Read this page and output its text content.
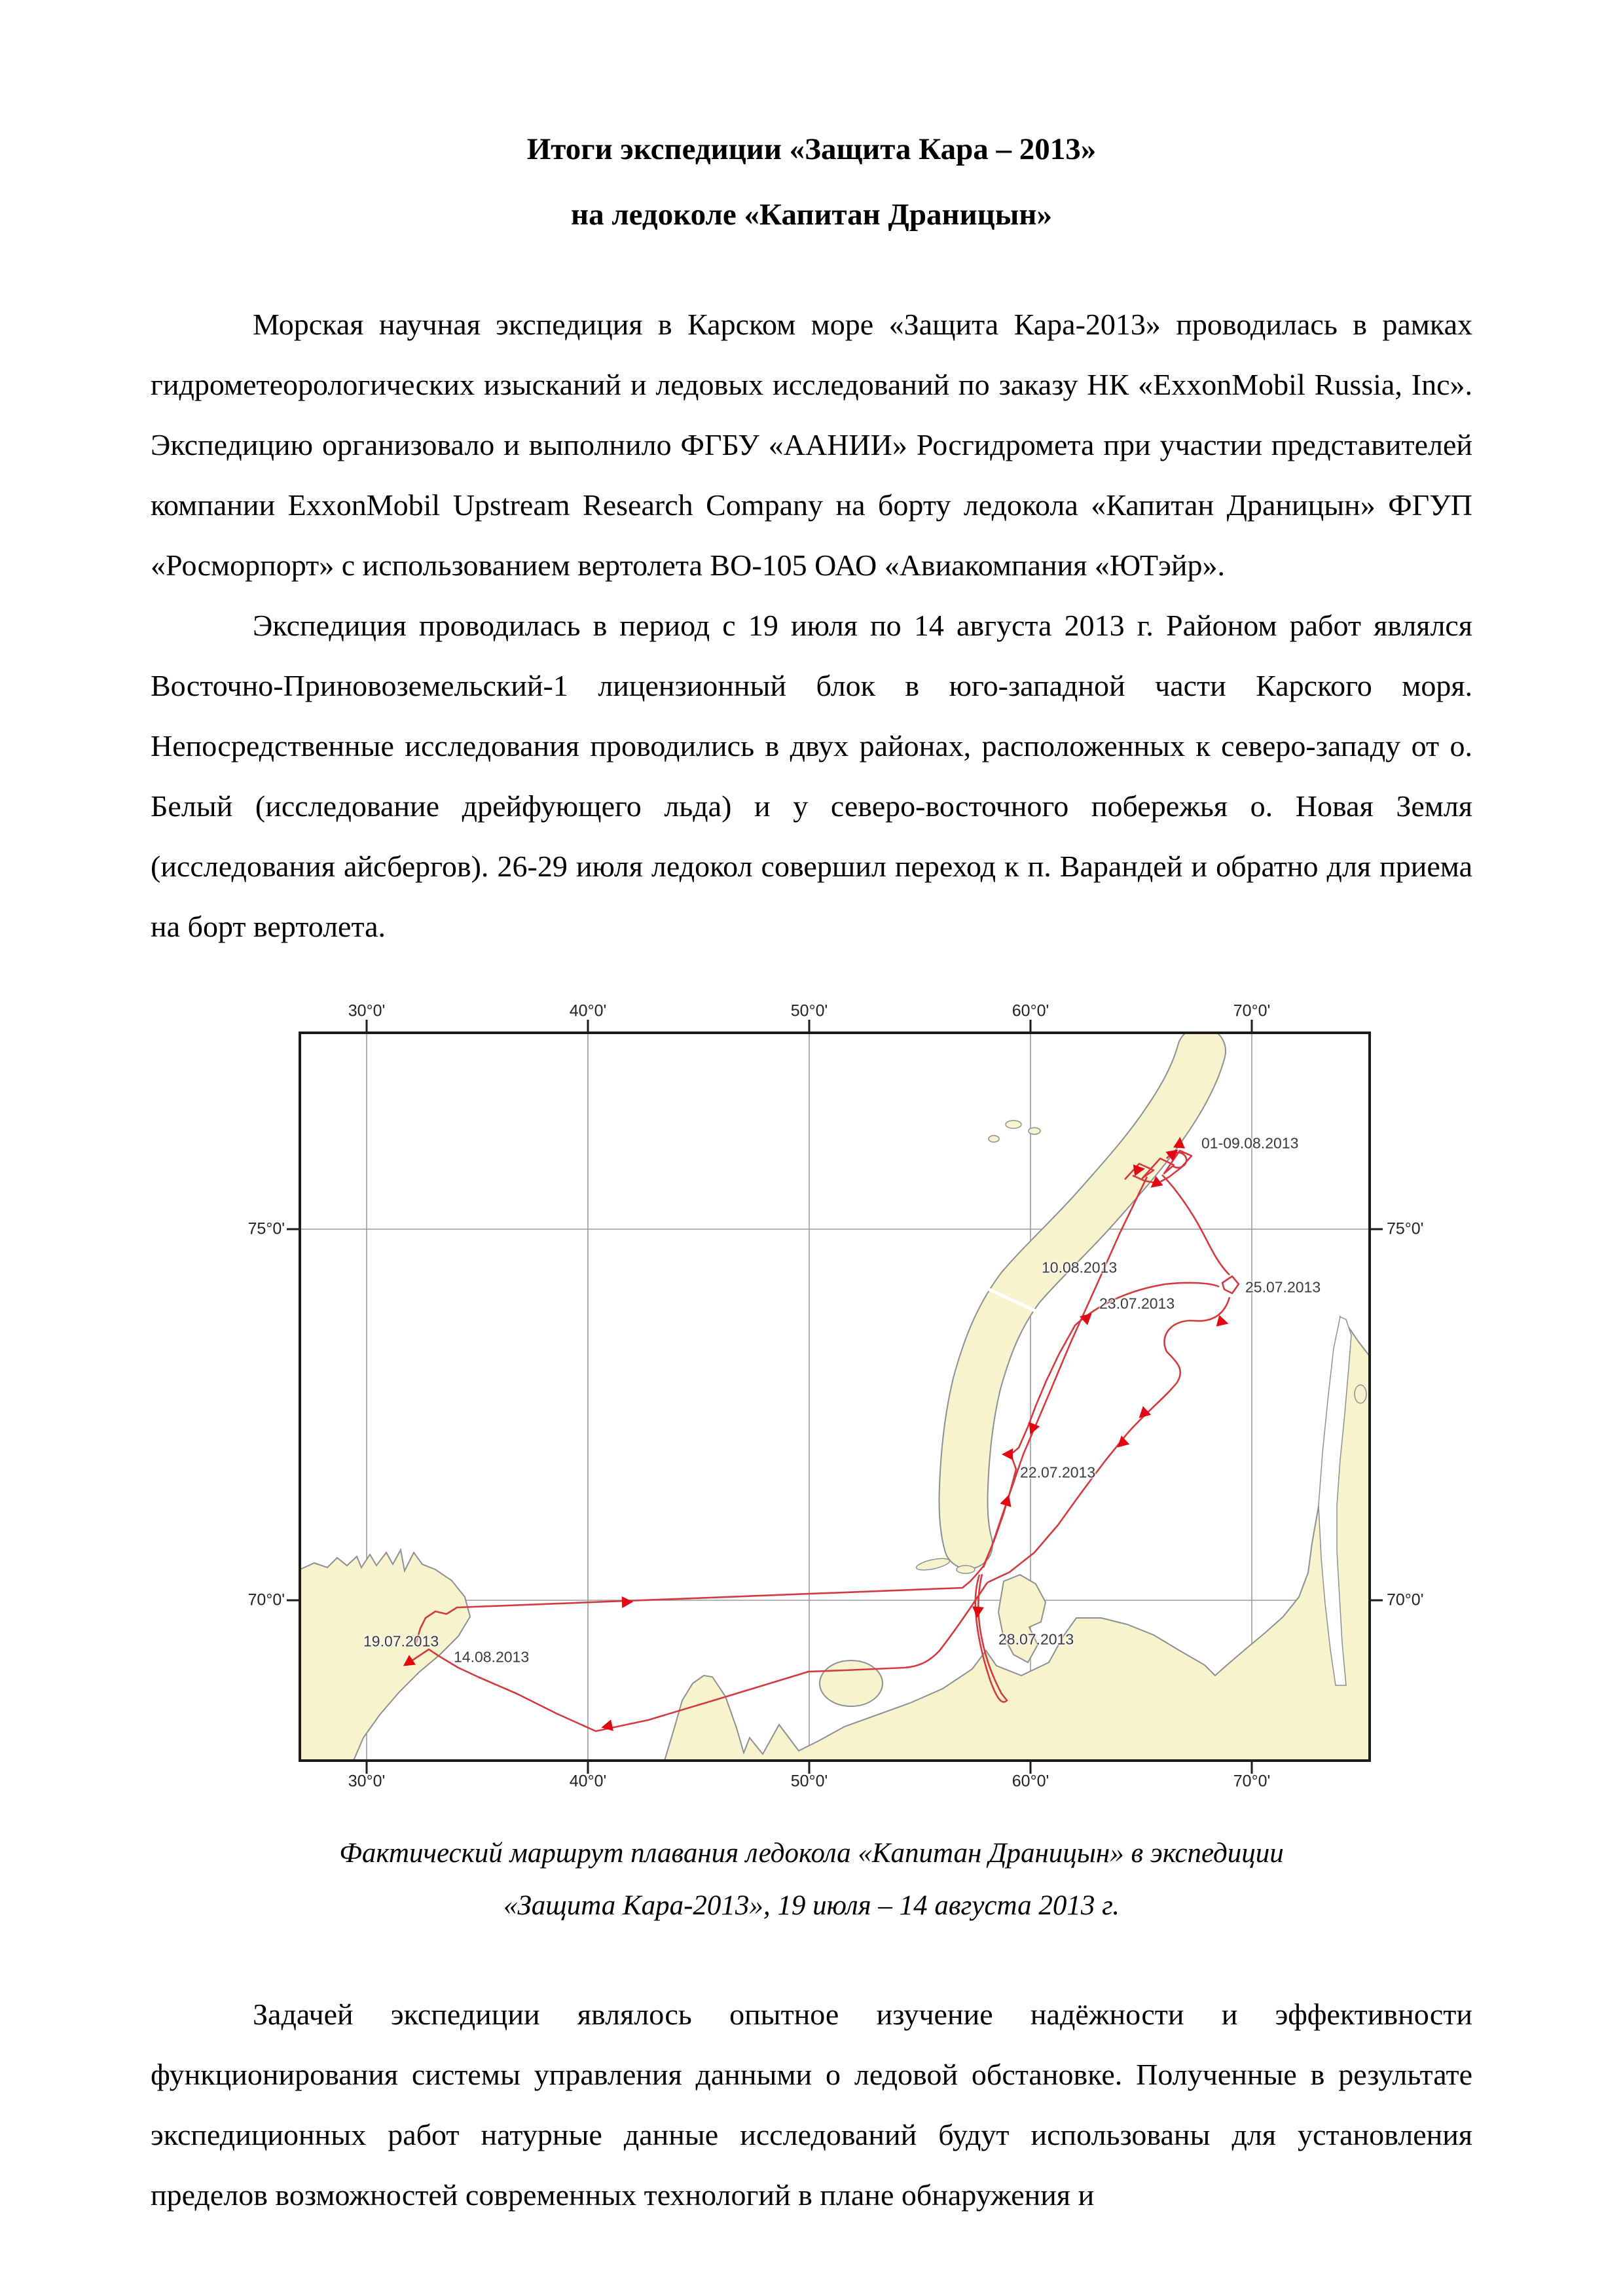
Итоги экспедиции «Защита Кара – 2013»
на ледоколе «Капитан Драницын»

Морская научная экспедиция в Карском море «Защита Кара-2013» проводилась в рамках гидрометеорологических изысканий и ледовых исследований по заказу НК «ExxonMobil Russia, Inc». Экспедицию организовало и выполнило ФГБУ «ААНИИ» Росгидромета при участии представителей компании ExxonMobil Upstream Research Company на борту ледокола «Капитан Драницын» ФГУП «Росморпорт» с использованием вертолета ВО-105 ОАО «Авиакомпания «ЮТэйр».

Экспедиция проводилась в период с 19 июля по 14 августа 2013 г. Районом работ являлся Восточно-Приновоземельский-1 лицензионный блок в юго-западной части Карского моря. Непосредственные исследования проводились в двух районах, расположенных к северо-западу от о. Белый (исследование дрейфующего льда) и у северо-восточного побережья о. Новая Земля (исследования айсбергов). 26-29 июля ледокол совершил переход к п. Варандей и обратно для приема на борт вертолета.

30°0'	40°0'	50°0'	60°0'	70°0'
30°0'	40°0'	50°0'	60°0'	70°0'
75°0'
70°0'
75°0'
70°0'
01-09.08.2013
10.08.2013
25.07.2013
23.07.2013
22.07.2013
28.07.2013
19.07.2013
14.08.2013
Фактический маршрут плавания ледокола «Капитан Драницын» в экспедиции
«Защита Кара-2013», 19 июля – 14 августа 2013 г.

Задачей экспедиции являлось опытное изучение надёжности и эффективности функционирования системы управления данными о ледовой обстановке. Полученные в результате экспедиционных работ натурные данные исследований будут использованы для установления пределов возможностей современных технологий в плане обнаружения и
